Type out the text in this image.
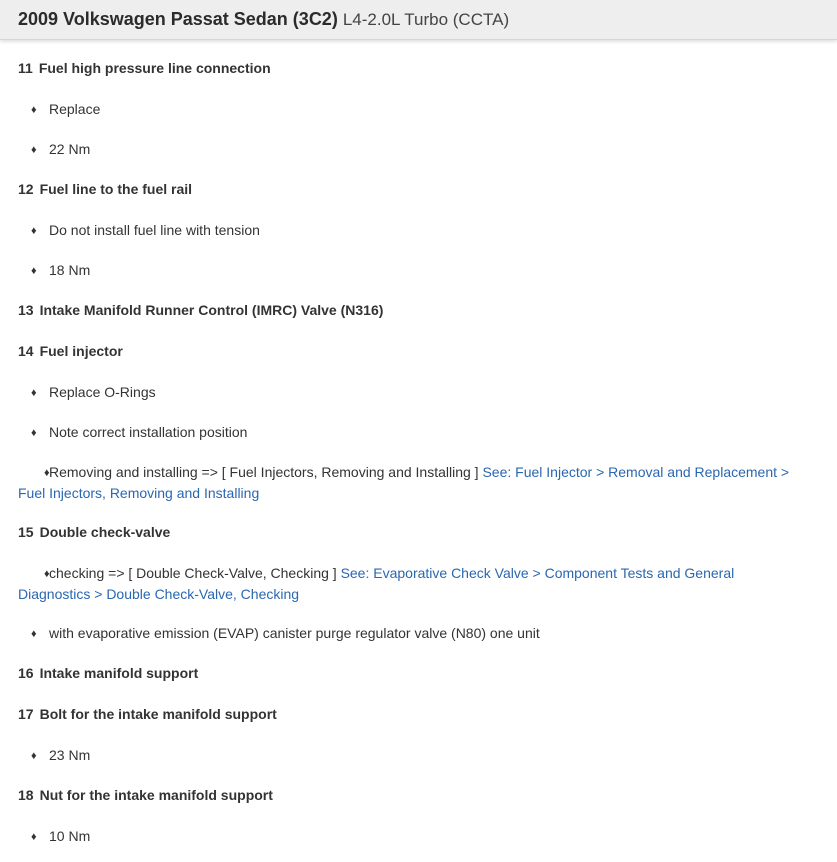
2009 Volkswagen Passat Sedan (3C2) L4-2.0L Turbo (CCTA)
11 Fuel high pressure line connection
♦ Replace
♦ 22 Nm
12 Fuel line to the fuel rail
♦ Do not install fuel line with tension
♦ 18 Nm
13 Intake Manifold Runner Control (IMRC) Valve (N316)
14 Fuel injector
♦ Replace O-Rings
♦ Note correct installation position
♦Removing and installing => [ Fuel Injectors, Removing and Installing ] See: Fuel Injector > Removal and Replacement > Fuel Injectors, Removing and Installing
15 Double check-valve
♦checking => [ Double Check-Valve, Checking ] See: Evaporative Check Valve > Component Tests and General Diagnostics > Double Check-Valve, Checking
♦ with evaporative emission (EVAP) canister purge regulator valve (N80) one unit
16 Intake manifold support
17 Bolt for the intake manifold support
♦ 23 Nm
18 Nut for the intake manifold support
♦ 10 Nm
